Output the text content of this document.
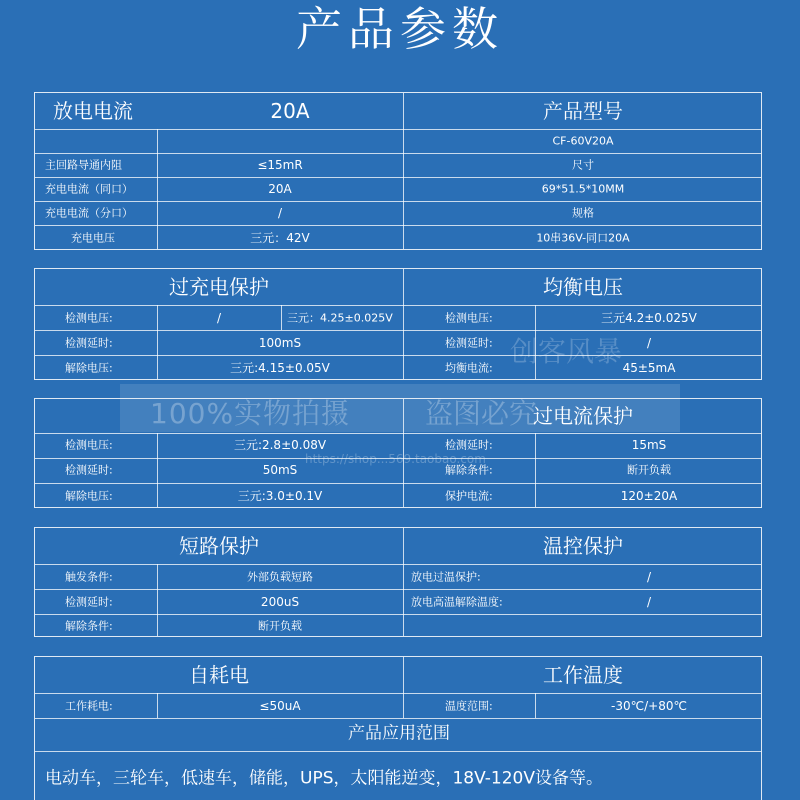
产品参数
放电电流	20A	产品型号
CF-60V20A
主回路导通内阻	≤15mR	尺寸
充电电流（同口）	20A	69*51.5*10MM
充电电流（分口）	/	规格
充电电压	三元：42V	10串36V-同口20A
过充电保护	均衡电压
检测电压:	/	三元：4.25±0.025V
检测延时:	100mS
解除电压:	三元:4.15±0.05V
检测电压:	三元4.2±0.025V
检测延时:	/
均衡电流:	45±5mA
过电流保护
检测电压:	三元:2.8±0.08V
检测延时:	50mS
解除电压:	三元:3.0±0.1V
检测延时:	15mS
解除条件:	断开负载
保护电流:	120±20A
短路保护	温控保护
触发条件:	外部负载短路
检测延时:	200uS
解除条件:	断开负载
放电过温保护:	/
放电高温解除温度:	/
自耗电	工作温度
工作耗电:	≤50uA	温度范围:	-30℃/+80℃
产品应用范围
电动车，三轮车，低速车，储能，UPS，太阳能逆变，18V-120V设备等。
100%实物拍摄	盗图必究
创客风暴
https://shop...569.taobao.com
